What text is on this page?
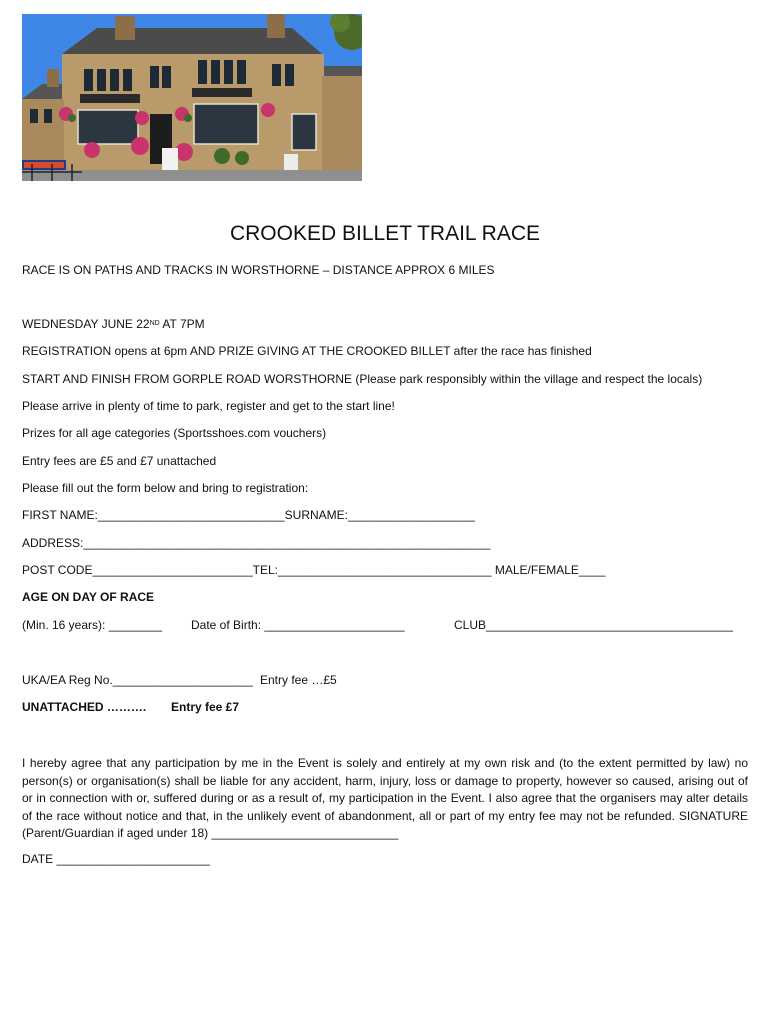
CROOKED BILLET TRAIL RACE
RACE IS ON PATHS AND TRACKS IN WORSTHORNE – DISTANCE APPROX 6 MILES
WEDNESDAY JUNE 22ND AT 7PM
REGISTRATION opens at 6pm AND PRIZE GIVING AT THE CROOKED BILLET after the race has finished
START AND FINISH FROM GORPLE ROAD WORSTHORNE (Please park responsibly within the village and respect the locals)
Please arrive in plenty of time to park, register and get to the start line!
Prizes for all age categories (Sportsshoes.com vouchers)
Entry fees are £5 and £7 unattached
Please fill out the form below and bring to registration:
FIRST NAME:____________________________SURNAME:___________________
ADDRESS:_____________________________________________________________
POST CODE________________________TEL:________________________________ MALE/FEMALE____
AGE ON DAY OF RACE
(Min. 16 years): ________ Date of Birth: _____________________	CLUB_____________________________________
UKA/EA Reg No._____________________ Entry fee …£5
UNATTACHED ………. Entry fee £7
I hereby agree that any participation by me in the Event is solely and entirely at my own risk and (to the extent permitted by law) no person(s) or organisation(s) shall be liable for any accident, harm, injury, loss or damage to property, however so caused, arising out of or in connection with or, suffered during or as a result of, my participation in the Event. I also agree that the organisers may alter details of the race without notice and that, in the unlikely event of abandonment, all or part of my entry fee may not be refunded. SIGNATURE (Parent/Guardian if aged under 18) ____________________________
DATE _______________________
